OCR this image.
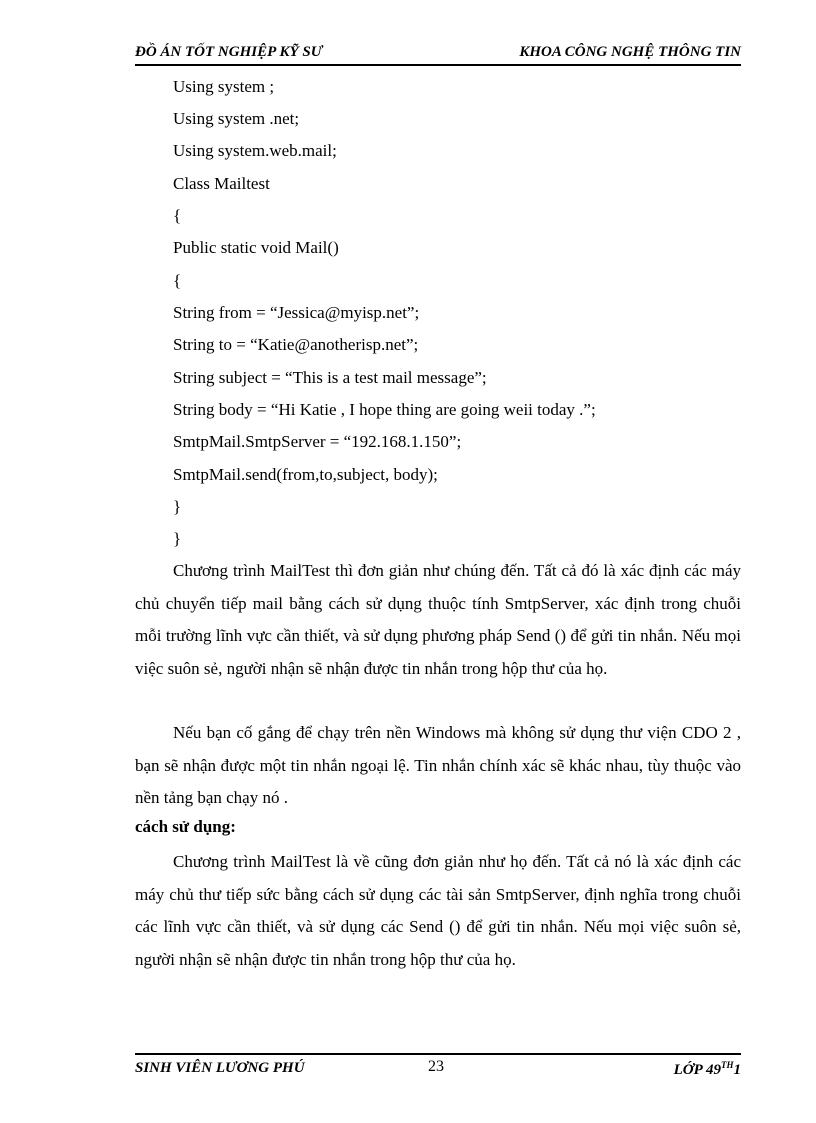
ĐỒ ÁN TỐT NGHIỆP KỸ SƯ	KHOA CÔNG NGHỆ THÔNG TIN
Using system ;
Using system .net;
Using system.web.mail;
Class Mailtest
{
Public static void Mail()
{
String from = “Jessica@myisp.net”;
String to = “Katie@anotherisp.net”;
String subject = “This is a test mail message”;
String body = “Hi Katie , I hope thing are going weii today .”;
SmtpMail.SmtpServer = “192.168.1.150”;
SmtpMail.send(from,to,subject, body);
}
}

Chương trình MailTest thì đơn giản như chúng đến. Tất cả đó là xác định các máy chủ chuyển tiếp mail bằng cách sử dụng thuộc tính SmtpServer, xác định trong chuỗi mỗi trường lĩnh vực cần thiết, và sử dụng phương pháp Send () để gửi tin nhắn. Nếu mọi việc suôn sẻ, người nhận sẽ nhận được tin nhắn trong hộp thư của họ.

Nếu bạn cố gắng để chạy trên nền Windows mà không sử dụng thư viện CDO 2 , bạn sẽ nhận được một tin nhắn ngoại lệ. Tin nhắn chính xác sẽ khác nhau, tùy thuộc vào nền tảng bạn chạy nó .

cách sử dụng:

Chương trình MailTest là về cũng đơn giản như họ đến. Tất cả nó là xác định các máy chủ thư tiếp sức bằng cách sử dụng các tài sản SmtpServer, định nghĩa trong chuỗi các lĩnh vực cần thiết, và sử dụng các Send () để gửi tin nhắn. Nếu mọi việc suôn sẻ, người nhận sẽ nhận được tin nhắn trong hộp thư của họ.

SINH VIÊN LƯƠNG PHÚ	23	LỚP 49TH1
